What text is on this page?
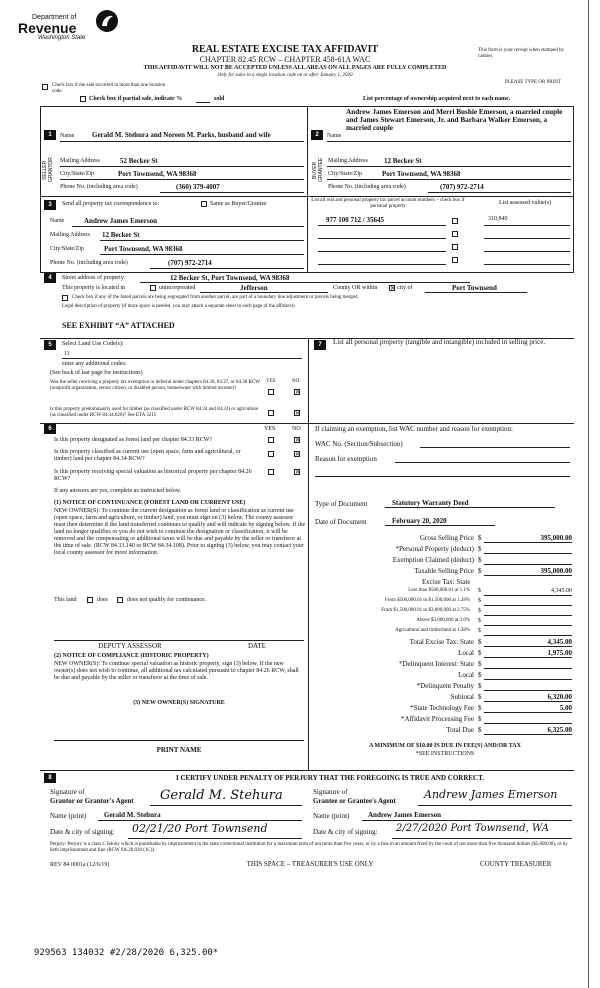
Department of
Revenue
Washington State
REAL ESTATE EXCISE TAX AFFIDAVIT
CHAPTER 82.45 RCW – CHAPTER 458-61A WAC
THIS AFFIDAVIT WILL NOT BE ACCEPTED UNLESS ALL AREAS ON ALL PAGES ARE FULLY COMPLETED
Only for sales in a single location code on or after January 1, 2020
This form is your receipt when stamped by cashier.
PLEASE TYPE OR PRINT
Check box if the sale occurred in more than one location code.
Check box if partial sale, indicate %	sold	List percentage of ownership acquired next to each name.
1
SELLER GRANTOR
Name	Gerald M. Stehura and Noreen M. Parks, husband and wife
Mailing Address	52 Becker St
City/State/Zip	Port Townsend, WA 98368
Phone No. (including area code)	(360) 379-4007
Andrew James Emerson and Merri Bushie Emerson, a married couple and James Stewart Emerson, Jr. and Barbara Walker Emerson, a married couple
2	Name
BUYER GRANTEE Mailing Address 12 Becker St
City/State/Zip	Port Townsend, WA 98368
Phone No. (including area code)	(707) 972-2714
3	Send all property tax correspondence to:	Same as Buyer/Grantee
Name	Andrew James Emerson
Mailing Address 12 Becker St
City/State/Zip	Port Townsend, WA 98368
Phone No. (including area code)	(707) 972-2714
List all real and personal property tax parcel account numbers – check box if personal property
List assessed value(s)
977 100 712 / 35645	310,840
4	Street address of property:	12 Becker St, Port Townsend, WA 98368
This property is located in	unincorporated	Jefferson	County OR within ✕ city of	Port Townsend
Check box if any of the listed parcels are being segregated from another parcel, are part of a boundary line adjustment or parcels being merged.
Legal description of property (if more space is needed, you may attach a separate sheet to each page of the affidavit)
SEE EXHIBIT “A” ATTACHED
5	Select Land Use Code(s):
11
enter any additional codes:
(See back of last page for instructions)
YES	NO
Was the seller receiving a property tax exemption or deferral under chapters 84.36, 84.37, or 84.38 RCW (nonprofit organization, senior citizen, or disabled person, homeowner with limited income)?
✕
Is this property predominantly used for timber (as classified under RCW 84.34 and 84.33) or agriculture (as classified under RCW 84.34.020)? See ETA 3215	✕
6	YES	NO
Is this property designated as forest land per chapter 84.33 RCW?	✕
Is this property classified as current use (open space, farm and agricultural, or timber) land per chapter 84.34 RCW?
✕
Is this property receiving special valuation as historical property per chapter 84.26 RCW?
✕
If any answers are yes, complete as instructed below.
(1) NOTICE OF CONTINUANCE (FOREST LAND OR CURRENT USE)
NEW OWNER(S): To continue the current designation as forest land or classification as current use (open space, farm and agriculture, or timber) land, you must sign on (3) below. The county assessor must then determine if the land transferred continues to qualify and will indicate by signing below. If the land no longer qualifies or you do not wish to continue the designation or classification, it will be removed and the compensating or additional taxes will be due and payable by the seller or transferor at the time of sale. (RCW 84.33.140 or RCW 84.34.108). Prior to signing (3) below, you may contact your local county assessor for more information.
This land	does	does not qualify for continuance.
DEPUTY ASSESSOR	DATE
(2) NOTICE OF COMPLIANCE (HISTORIC PROPERTY)
NEW OWNER(S): To continue special valuation as historic property, sign (3) below. If the new owner(s) does not wish to continue, all additional tax calculated pursuant to chapter 84.26 RCW, shall be due and payable by the seller or transferor at the time of sale.
(3) NEW OWNER(S) SIGNATURE
PRINT NAME
7	List all personal property (tangible and intangible) included in selling price.
If claiming an exemption, list WAC number and reason for exemption:
WAC No. (Section/Subsection)
Reason for exemption
Type of Document	Statutory Warranty Deed
Date of Document	February 20, 2020
Gross Selling Price $	395,000.00
*Personal Property (deduct) $
Exemption Claimed (deduct) $
Taxable Selling Price $	395,000.00
Excise Tax: State
Less than $500,000.01 at 1.1% $	4,345.00
From $500,000.01 to $1,500,000 at 1.28% $
From $1,500,000.01 to $3,000,000 at 2.75% $
Above $3,000,000 at 3.0% $
Agricultural and timberland at 1.28% $
Total Excise Tax: State $	4,345.00
Local $	1,975.00
*Delinquent Interest: State $
Local $
*Delinquent Penalty $
Subtotal $	6,320.00
*State Technology Fee $	5.00
*Affidavit Processing Fee $
Total Due $	6,325.00
A MINIMUM OF $10.00 IS DUE IN FEE(S) AND/OR TAX
*SEE INSTRUCTIONS
8	I CERTIFY UNDER PENALTY OF PERJURY THAT THE FOREGOING IS TRUE AND CORRECT.
Signature of
Grantor or Grantor's Agent Gerald M. Stehura	Signature of
Grantee or Grantee's Agent	Andrew James Emerson
Name (print)	Gerald M. Stehura	Name (print)	Andrew James Emerson
Date & city of signing: 02/21/20 Port Townsend	Date & city of signing: 2/27/2020 Port Townsend, WA
Perjury: Perjury is a class C felony which is punishable by imprisonment in the state correctional institution for a maximum term of not more than five years, or by a fine in an amount fixed by the court of not more than five thousand dollars ($5,000.00), or by both imprisonment and fine (RCW 9A.20.020 (1C)).
REV 84 0001a (12/6/19)	THIS SPACE – TREASURER'S USE ONLY	COUNTY TREASURER
929563 134032 #2/28/2020 6,325.00*
